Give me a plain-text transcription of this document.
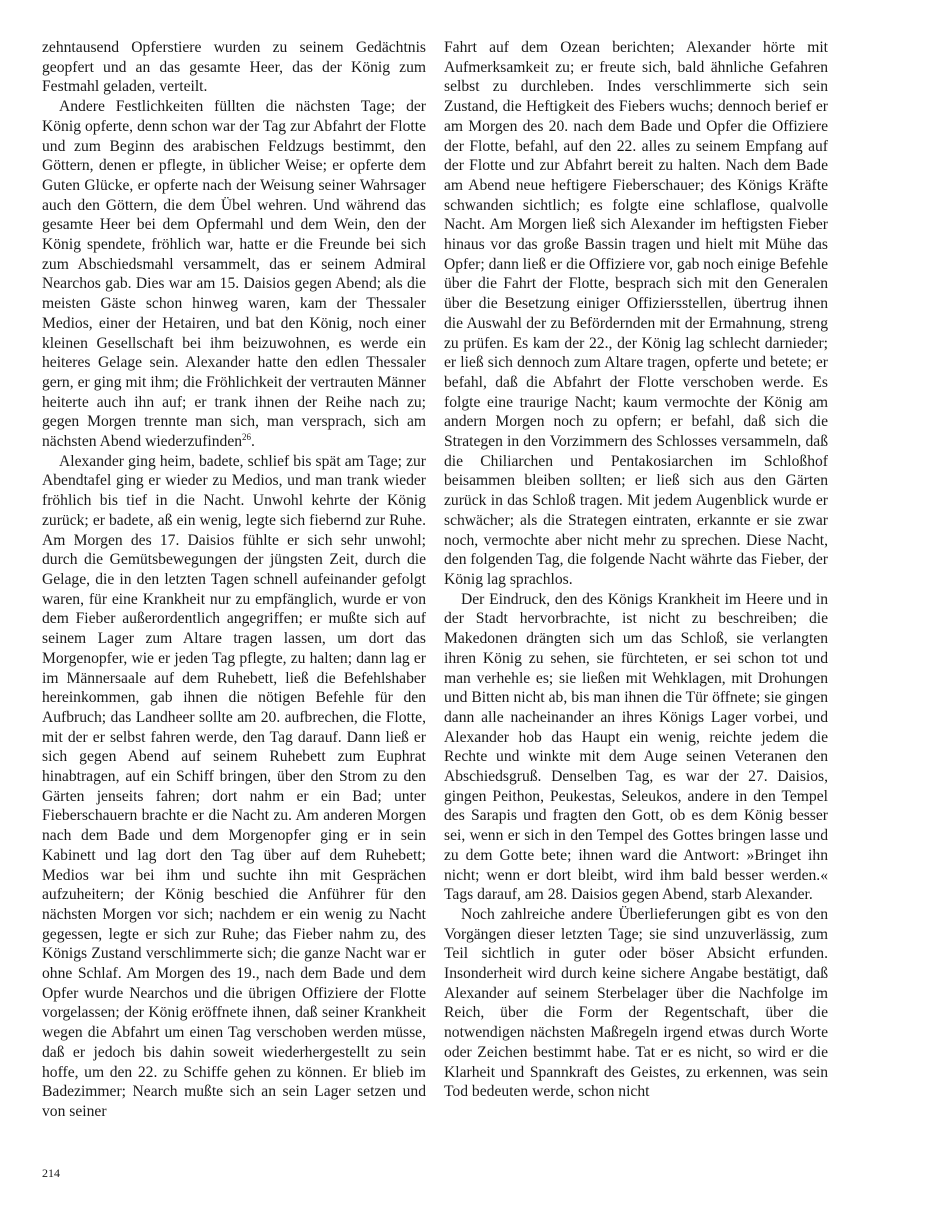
zehntausend Opferstiere wurden zu seinem Gedächtnis geopfert und an das gesamte Heer, das der König zum Festmahl geladen, verteilt.

Andere Festlichkeiten füllten die nächsten Tage; der König opferte, denn schon war der Tag zur Abfahrt der Flotte und zum Beginn des arabischen Feldzugs bestimmt, den Göttern, denen er pflegte, in üblicher Weise; er opferte dem Guten Glücke, er opferte nach der Weisung seiner Wahrsager auch den Göttern, die dem Übel wehren. Und während das gesamte Heer bei dem Opfermahl und dem Wein, den der König spendete, fröhlich war, hatte er die Freunde bei sich zum Abschiedsmahl versammelt, das er seinem Admiral Nearchos gab. Dies war am 15. Daisios gegen Abend; als die meisten Gäste schon hinweg waren, kam der Thessaler Medios, einer der Hetairen, und bat den König, noch einer kleinen Gesellschaft bei ihm beizuwohnen, es werde ein heiteres Gelage sein. Alexander hatte den edlen Thessaler gern, er ging mit ihm; die Fröhlichkeit der vertrauten Männer heiterte auch ihn auf; er trank ihnen der Reihe nach zu; gegen Morgen trennte man sich, man versprach, sich am nächsten Abend wiederzufinden$^{26}$.

Alexander ging heim, badete, schlief bis spät am Tage; zur Abendtafel ging er wieder zu Medios, und man trank wieder fröhlich bis tief in die Nacht. Unwohl kehrte der König zurück; er badete, aß ein wenig, legte sich fiebernd zur Ruhe. Am Morgen des 17. Daisios fühlte er sich sehr unwohl; durch die Gemütsbewegungen der jüngsten Zeit, durch die Gelage, die in den letzten Tagen schnell aufeinander gefolgt waren, für eine Krankheit nur zu empfänglich, wurde er von dem Fieber außerordentlich angegriffen; er mußte sich auf seinem Lager zum Altare tragen lassen, um dort das Morgenopfer, wie er jeden Tag pflegte, zu halten; dann lag er im Männersaale auf dem Ruhebett, ließ die Befehlshaber hereinkommen, gab ihnen die nötigen Befehle für den Aufbruch; das Landheer sollte am 20. aufbrechen, die Flotte, mit der er selbst fahren werde, den Tag darauf. Dann ließ er sich gegen Abend auf seinem Ruhebett zum Euphrat hinabtragen, auf ein Schiff bringen, über den Strom zu den Gärten jenseits fahren; dort nahm er ein Bad; unter Fieberschauern brachte er die Nacht zu. Am anderen Morgen nach dem Bade und dem Morgenopfer ging er in sein Kabinett und lag dort den Tag über auf dem Ruhebett; Medios war bei ihm und suchte ihn mit Gesprächen aufzuheitern; der König beschied die Anführer für den nächsten Morgen vor sich; nachdem er ein wenig zu Nacht gegessen, legte er sich zur Ruhe; das Fieber nahm zu, des Königs Zustand verschlimmerte sich; die ganze Nacht war er ohne Schlaf. Am Morgen des 19., nach dem Bade und dem Opfer wurde Nearchos und die übrigen Offiziere der Flotte vorgelassen; der König eröffnete ihnen, daß seiner Krankheit wegen die Abfahrt um einen Tag verschoben werden müsse, daß er jedoch bis dahin soweit wiederhergestellt zu sein hoffe, um den 22. zu Schiffe gehen zu können. Er blieb im Badezimmer; Nearch mußte sich an sein Lager setzen und von seiner

Fahrt auf dem Ozean berichten; Alexander hörte mit Aufmerksamkeit zu; er freute sich, bald ähnliche Gefahren selbst zu durchleben. Indes verschlimmerte sich sein Zustand, die Heftigkeit des Fiebers wuchs; dennoch berief er am Morgen des 20. nach dem Bade und Opfer die Offiziere der Flotte, befahl, auf den 22. alles zu seinem Empfang auf der Flotte und zur Abfahrt bereit zu halten. Nach dem Bade am Abend neue heftigere Fieberschauer; des Königs Kräfte schwanden sichtlich; es folgte eine schlaflose, qualvolle Nacht. Am Morgen ließ sich Alexander im heftigsten Fieber hinaus vor das große Bassin tragen und hielt mit Mühe das Opfer; dann ließ er die Offiziere vor, gab noch einige Befehle über die Fahrt der Flotte, besprach sich mit den Generalen über die Besetzung einiger Offiziersstellen, übertrug ihnen die Auswahl der zu Befördernden mit der Ermahnung, streng zu prüfen. Es kam der 22., der König lag schlecht darnieder; er ließ sich dennoch zum Altare tragen, opferte und betete; er befahl, daß die Abfahrt der Flotte verschoben werde. Es folgte eine traurige Nacht; kaum vermochte der König am andern Morgen noch zu opfern; er befahl, daß sich die Strategen in den Vorzimmern des Schlosses versammeln, daß die Chiliarchen und Pentakosiarchen im Schloßhof beisammen bleiben sollten; er ließ sich aus den Gärten zurück in das Schloß tragen. Mit jedem Augenblick wurde er schwächer; als die Strategen eintraten, erkannte er sie zwar noch, vermochte aber nicht mehr zu sprechen. Diese Nacht, den folgenden Tag, die folgende Nacht währte das Fieber, der König lag sprachlos.

Der Eindruck, den des Königs Krankheit im Heere und in der Stadt hervorbrachte, ist nicht zu beschreiben; die Makedonen drängten sich um das Schloß, sie verlangten ihren König zu sehen, sie fürchteten, er sei schon tot und man verhehle es; sie ließen mit Wehklagen, mit Drohungen und Bitten nicht ab, bis man ihnen die Tür öffnete; sie gingen dann alle nacheinander an ihres Königs Lager vorbei, und Alexander hob das Haupt ein wenig, reichte jedem die Rechte und winkte mit dem Auge seinen Veteranen den Abschiedsgruß. Denselben Tag, es war der 27. Daisios, gingen Peithon, Peukestas, Seleukos, andere in den Tempel des Sarapis und fragten den Gott, ob es dem König besser sei, wenn er sich in den Tempel des Gottes bringen lasse und zu dem Gotte bete; ihnen ward die Antwort: »Bringet ihn nicht; wenn er dort bleibt, wird ihm bald besser werden.« Tags darauf, am 28. Daisios gegen Abend, starb Alexander.

Noch zahlreiche andere Überlieferungen gibt es von den Vorgängen dieser letzten Tage; sie sind unzuverlässig, zum Teil sichtlich in guter oder böser Absicht erfunden. Insonderheit wird durch keine sichere Angabe bestätigt, daß Alexander auf seinem Sterbelager über die Nachfolge im Reich, über die Form der Regentschaft, über die notwendigen nächsten Maßregeln irgend etwas durch Worte oder Zeichen bestimmt habe. Tat er es nicht, so wird er die Klarheit und Spannkraft des Geistes, zu erkennen, was sein Tod bedeuten werde, schon nicht

214
